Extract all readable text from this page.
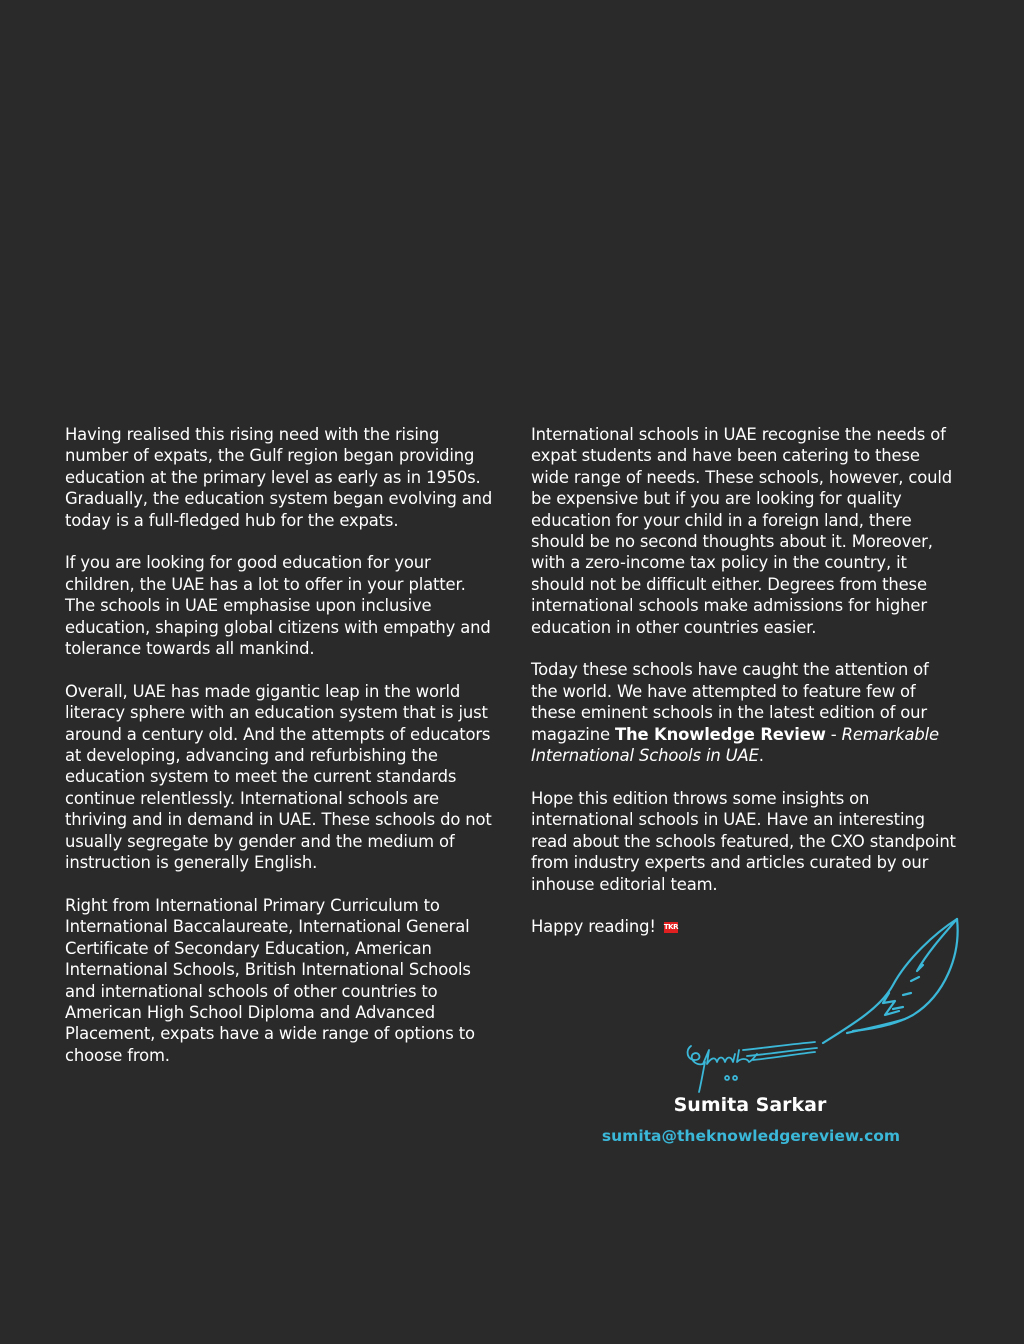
Having realised this rising need with the rising number of expats, the Gulf region began providing education at the primary level as early as in 1950s. Gradually, the education system began evolving and today is a full-fledged hub for the expats.

If you are looking for good education for your children, the UAE has a lot to offer in your platter. The schools in UAE emphasise upon inclusive education, shaping global citizens with empathy and tolerance towards all mankind.

Overall, UAE has made gigantic leap in the world literacy sphere with an education system that is just around a century old. And the attempts of educators at developing, advancing and refurbishing the education system to meet the current standards continue relentlessly. International schools are thriving and in demand in UAE. These schools do not usually segregate by gender and the medium of instruction is generally English.

Right from International Primary Curriculum to International Baccalaureate, International General Certificate of Secondary Education, American International Schools, British International Schools and international schools of other countries to American High School Diploma and Advanced Placement, expats have a wide range of options to choose from.

International schools in UAE recognise the needs of expat students and have been catering to these wide range of needs. These schools, however, could be expensive but if you are looking for quality education for your child in a foreign land, there should be no second thoughts about it. Moreover, with a zero-income tax policy in the country, it should not be difficult either. Degrees from these international schools make admissions for higher education in other countries easier.

Today these schools have caught the attention of the world. We have attempted to feature few of these eminent schools in the latest edition of our magazine The Knowledge Review - Remarkable International Schools in UAE.

Hope this edition throws some insights on international schools in UAE. Have an interesting read about the schools featured, the CXO standpoint from industry experts and articles curated by our inhouse editorial team.

Happy reading! TKR

Sumita Sarkar
sumita@theknowledgereview.com
